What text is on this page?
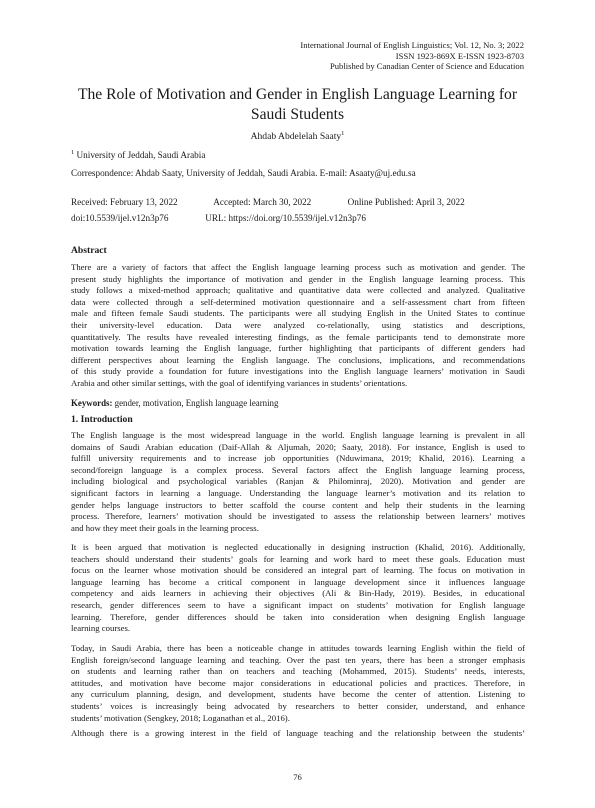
International Journal of English Linguistics; Vol. 12, No. 3; 2022
ISSN 1923-869X E-ISSN 1923-8703
Published by Canadian Center of Science and Education
The Role of Motivation and Gender in English Language Learning for
Saudi Students
Ahdab Abdelelah Saaty$^1$
$^1$ University of Jeddah, Saudi Arabia
Correspondence: Ahdab Saaty, University of Jeddah, Saudi Arabia. E-mail: Asaaty@uj.edu.sa
Received: February 13, 2022	Accepted: March 30, 2022	Online Published: April 3, 2022
doi:10.5539/ijel.v12n3p76	URL: https://doi.org/10.5539/ijel.v12n3p76
Abstract
There are a variety of factors that affect the English language learning process such as motivation and gender. The
present study highlights the importance of motivation and gender in the English language learning process. This
study follows a mixed-method approach; qualitative and quantitative data were collected and analyzed. Qualitative
data were collected through a self-determined motivation questionnaire and a self-assessment chart from fifteen
male and fifteen female Saudi students. The participants were all studying English in the United States to continue
their university-level education. Data were analyzed co-relationally, using statistics and descriptions,
quantitatively. The results have revealed interesting findings, as the female participants tend to demonstrate more
motivation towards learning the English language, further highlighting that participants of different genders had
different perspectives about learning the English language. The conclusions, implications, and recommendations
of this study provide a foundation for future investigations into the English language learners’ motivation in Saudi
Arabia and other similar settings, with the goal of identifying variances in students’ orientations.
Keywords: gender, motivation, English language learning
1. Introduction
The English language is the most widespread language in the world. English language learning is prevalent in all
domains of Saudi Arabian education (Daif-Allah & Aljumah, 2020; Saaty, 2018). For instance, English is used to
fulfill university requirements and to increase job opportunities (Nduwimana, 2019; Khalid, 2016). Learning a
second/foreign language is a complex process. Several factors affect the English language learning process,
including biological and psychological variables (Ranjan & Philominraj, 2020). Motivation and gender are
significant factors in learning a language. Understanding the language learner’s motivation and its relation to
gender helps language instructors to better scaffold the course content and help their students in the learning
process. Therefore, learners’ motivation should be investigated to assess the relationship between learners’ motives
and how they meet their goals in the learning process.
It is been argued that motivation is neglected educationally in designing instruction (Khalid, 2016). Additionally,
teachers should understand their students’ goals for learning and work hard to meet these goals. Education must
focus on the learner whose motivation should be considered an integral part of learning. The focus on motivation in
language learning has become a critical component in language development since it influences language
competency and aids learners in achieving their objectives (Ali & Bin-Hady, 2019). Besides, in educational
research, gender differences seem to have a significant impact on students’ motivation for English language
learning. Therefore, gender differences should be taken into consideration when designing English language
learning courses.
Today, in Saudi Arabia, there has been a noticeable change in attitudes towards learning English within the field of
English foreign/second language learning and teaching. Over the past ten years, there has been a stronger emphasis
on students and learning rather than on teachers and teaching (Mohammed, 2015). Students’ needs, interests,
attitudes, and motivation have become major considerations in educational policies and practices. Therefore, in
any curriculum planning, design, and development, students have become the center of attention. Listening to
students’ voices is increasingly being advocated by researchers to better consider, understand, and enhance
students’ motivation (Sengkey, 2018; Loganathan et al., 2016).
Although there is a growing interest in the field of language teaching and the relationship between the students’
76
